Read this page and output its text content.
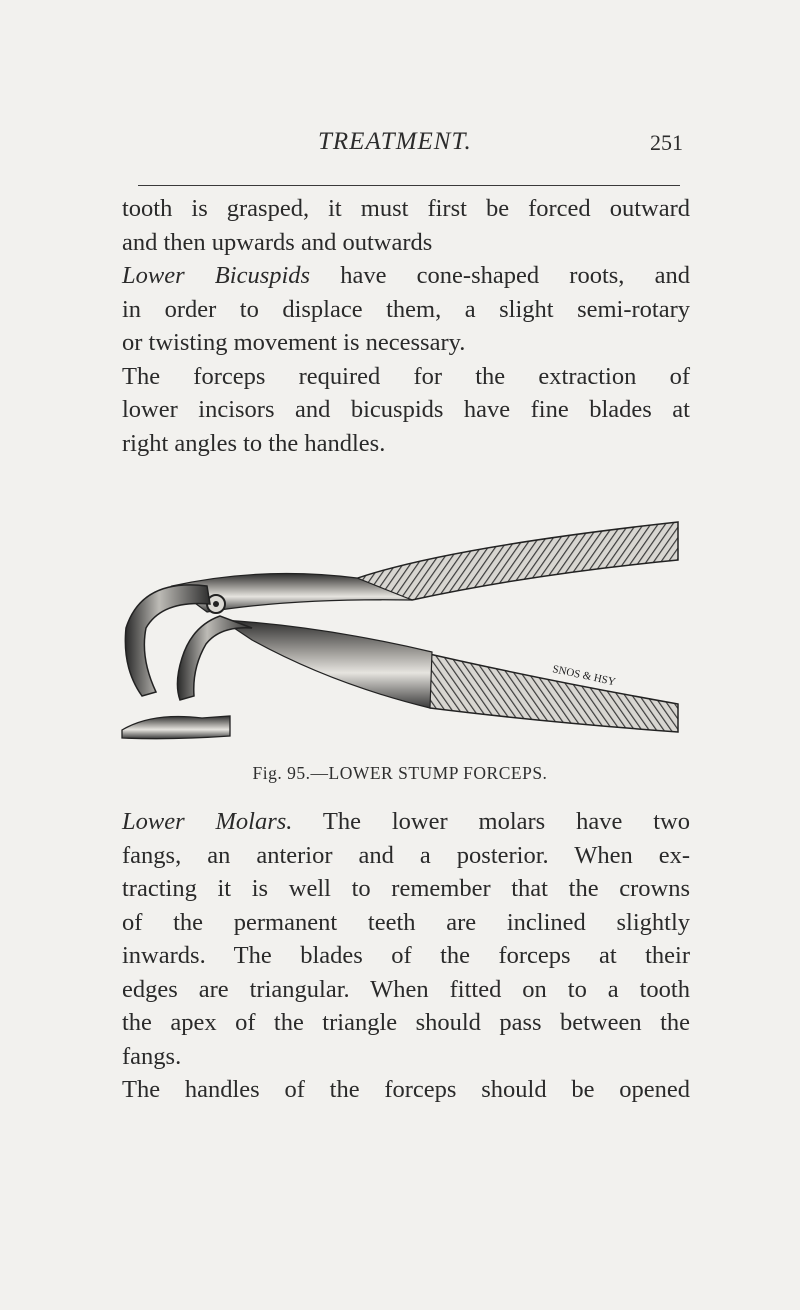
TREATMENT.	251
tooth is grasped, it must first be forced outward
and then upwards and outwards
Lower Bicuspids have cone-shaped roots, and
in order to displace them, a slight semi-rotary
or twisting movement is necessary.
The forceps required for the extraction of
lower incisors and bicuspids have fine blades at
right angles to the handles.
SNOS & HSY
Fig. 95.—LOWER STUMP FORCEPS.
Lower Molars. The lower molars have two
fangs, an anterior and a posterior. When ex-
tracting it is well to remember that the crowns
of the permanent teeth are inclined slightly
inwards. The blades of the forceps at their
edges are triangular. When fitted on to a tooth
the apex of the triangle should pass between the
fangs.
The handles of the forceps should be opened
